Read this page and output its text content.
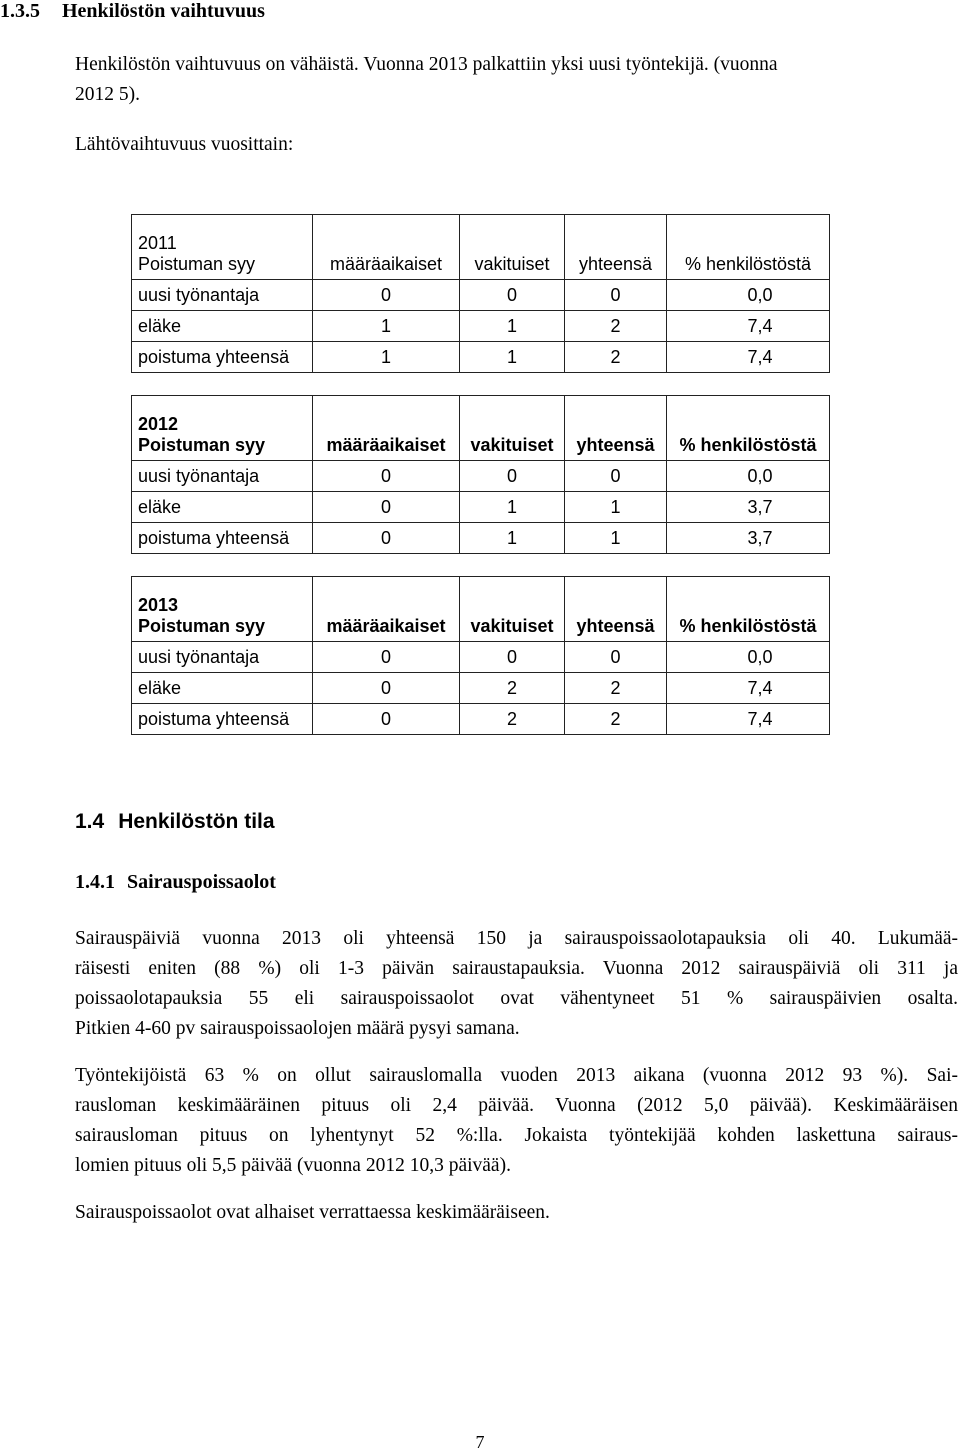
1.3.5 Henkilöstön vaihtuvuus
Henkilöstön vaihtuvuus on vähäistä. Vuonna 2013 palkattiin yksi uusi työntekijä. (vuonna
2012 5).
Lähtövaihtuvuus vuosittain:
2011
Poistuman syy	määräaikaiset	vakituiset	yhteensä	% henkilöstöstä
uusi työnantaja	0	0	0	0,0
eläke	1	1	2	7,4
poistuma yhteensä	1	1	2	7,4
2012
Poistuman syy	määräaikaiset	vakituiset	yhteensä	% henkilöstöstä
uusi työnantaja	0	0	0	0,0
eläke	0	1	1	3,7
poistuma yhteensä	0	1	1	3,7
2013
Poistuman syy	määräaikaiset	vakituiset	yhteensä	% henkilöstöstä
uusi työnantaja	0	0	0	0,0
eläke	0	2	2	7,4
poistuma yhteensä	0	2	2	7,4
1.4 Henkilöstön tila
1.4.1 Sairauspoissaolot
Sairauspäiviä vuonna 2013 oli yhteensä 150 ja sairauspoissaolotapauksia oli 40. Lukumää-
räisesti eniten (88 %) oli 1-3 päivän sairaustapauksia. Vuonna 2012 sairauspäiviä oli 311 ja
poissaolotapauksia 55 eli sairauspoissaolot ovat vähentyneet 51 % sairauspäivien osalta.
Pitkien 4-60 pv sairauspoissaolojen määrä pysyi samana.
Työntekijöistä 63 % on ollut sairauslomalla vuoden 2013 aikana (vuonna 2012 93 %). Sai-
rausloman keskimääräinen pituus oli 2,4 päivää. Vuonna (2012 5,0 päivää). Keskimääräisen
sairausloman pituus on lyhentynyt 52 %:lla. Jokaista työntekijää kohden laskettuna sairaus-
lomien pituus oli 5,5 päivää (vuonna 2012 10,3 päivää).
Sairauspoissaolot ovat alhaiset verrattaessa keskimääräiseen.
7
